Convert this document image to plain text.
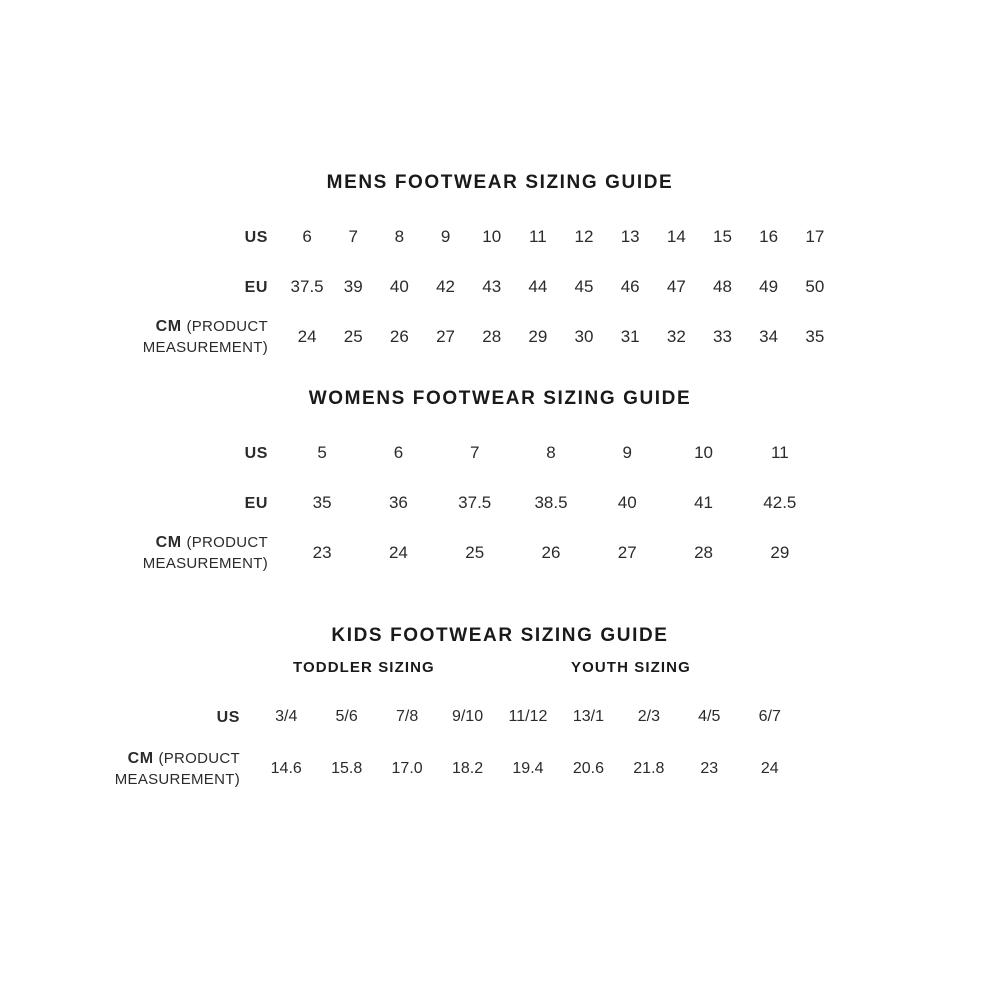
MENS FOOTWEAR SIZING GUIDE
US	6	7	8	9	10	11	12	13	14	15	16	17
EU	37.5	39	40	42	43	44	45	46	47	48	49	50
CM (PRODUCT
MEASUREMENT)	24	25	26	27	28	29	30	31	32	33	34	35
WOMENS FOOTWEAR SIZING GUIDE
US	5	6	7	8	9	10	11
EU	35	36	37.5	38.5	40	41	42.5
CM (PRODUCT
MEASUREMENT)	23	24	25	26	27	28	29
KIDS FOOTWEAR SIZING GUIDE
TODDLER SIZING	YOUTH SIZING
US	3/4	5/6	7/8	9/10	11/12	13/1	2/3	4/5	6/7
CM (PRODUCT
MEASUREMENT)	14.6	15.8	17.0	18.2	19.4	20.6	21.8	23	24
